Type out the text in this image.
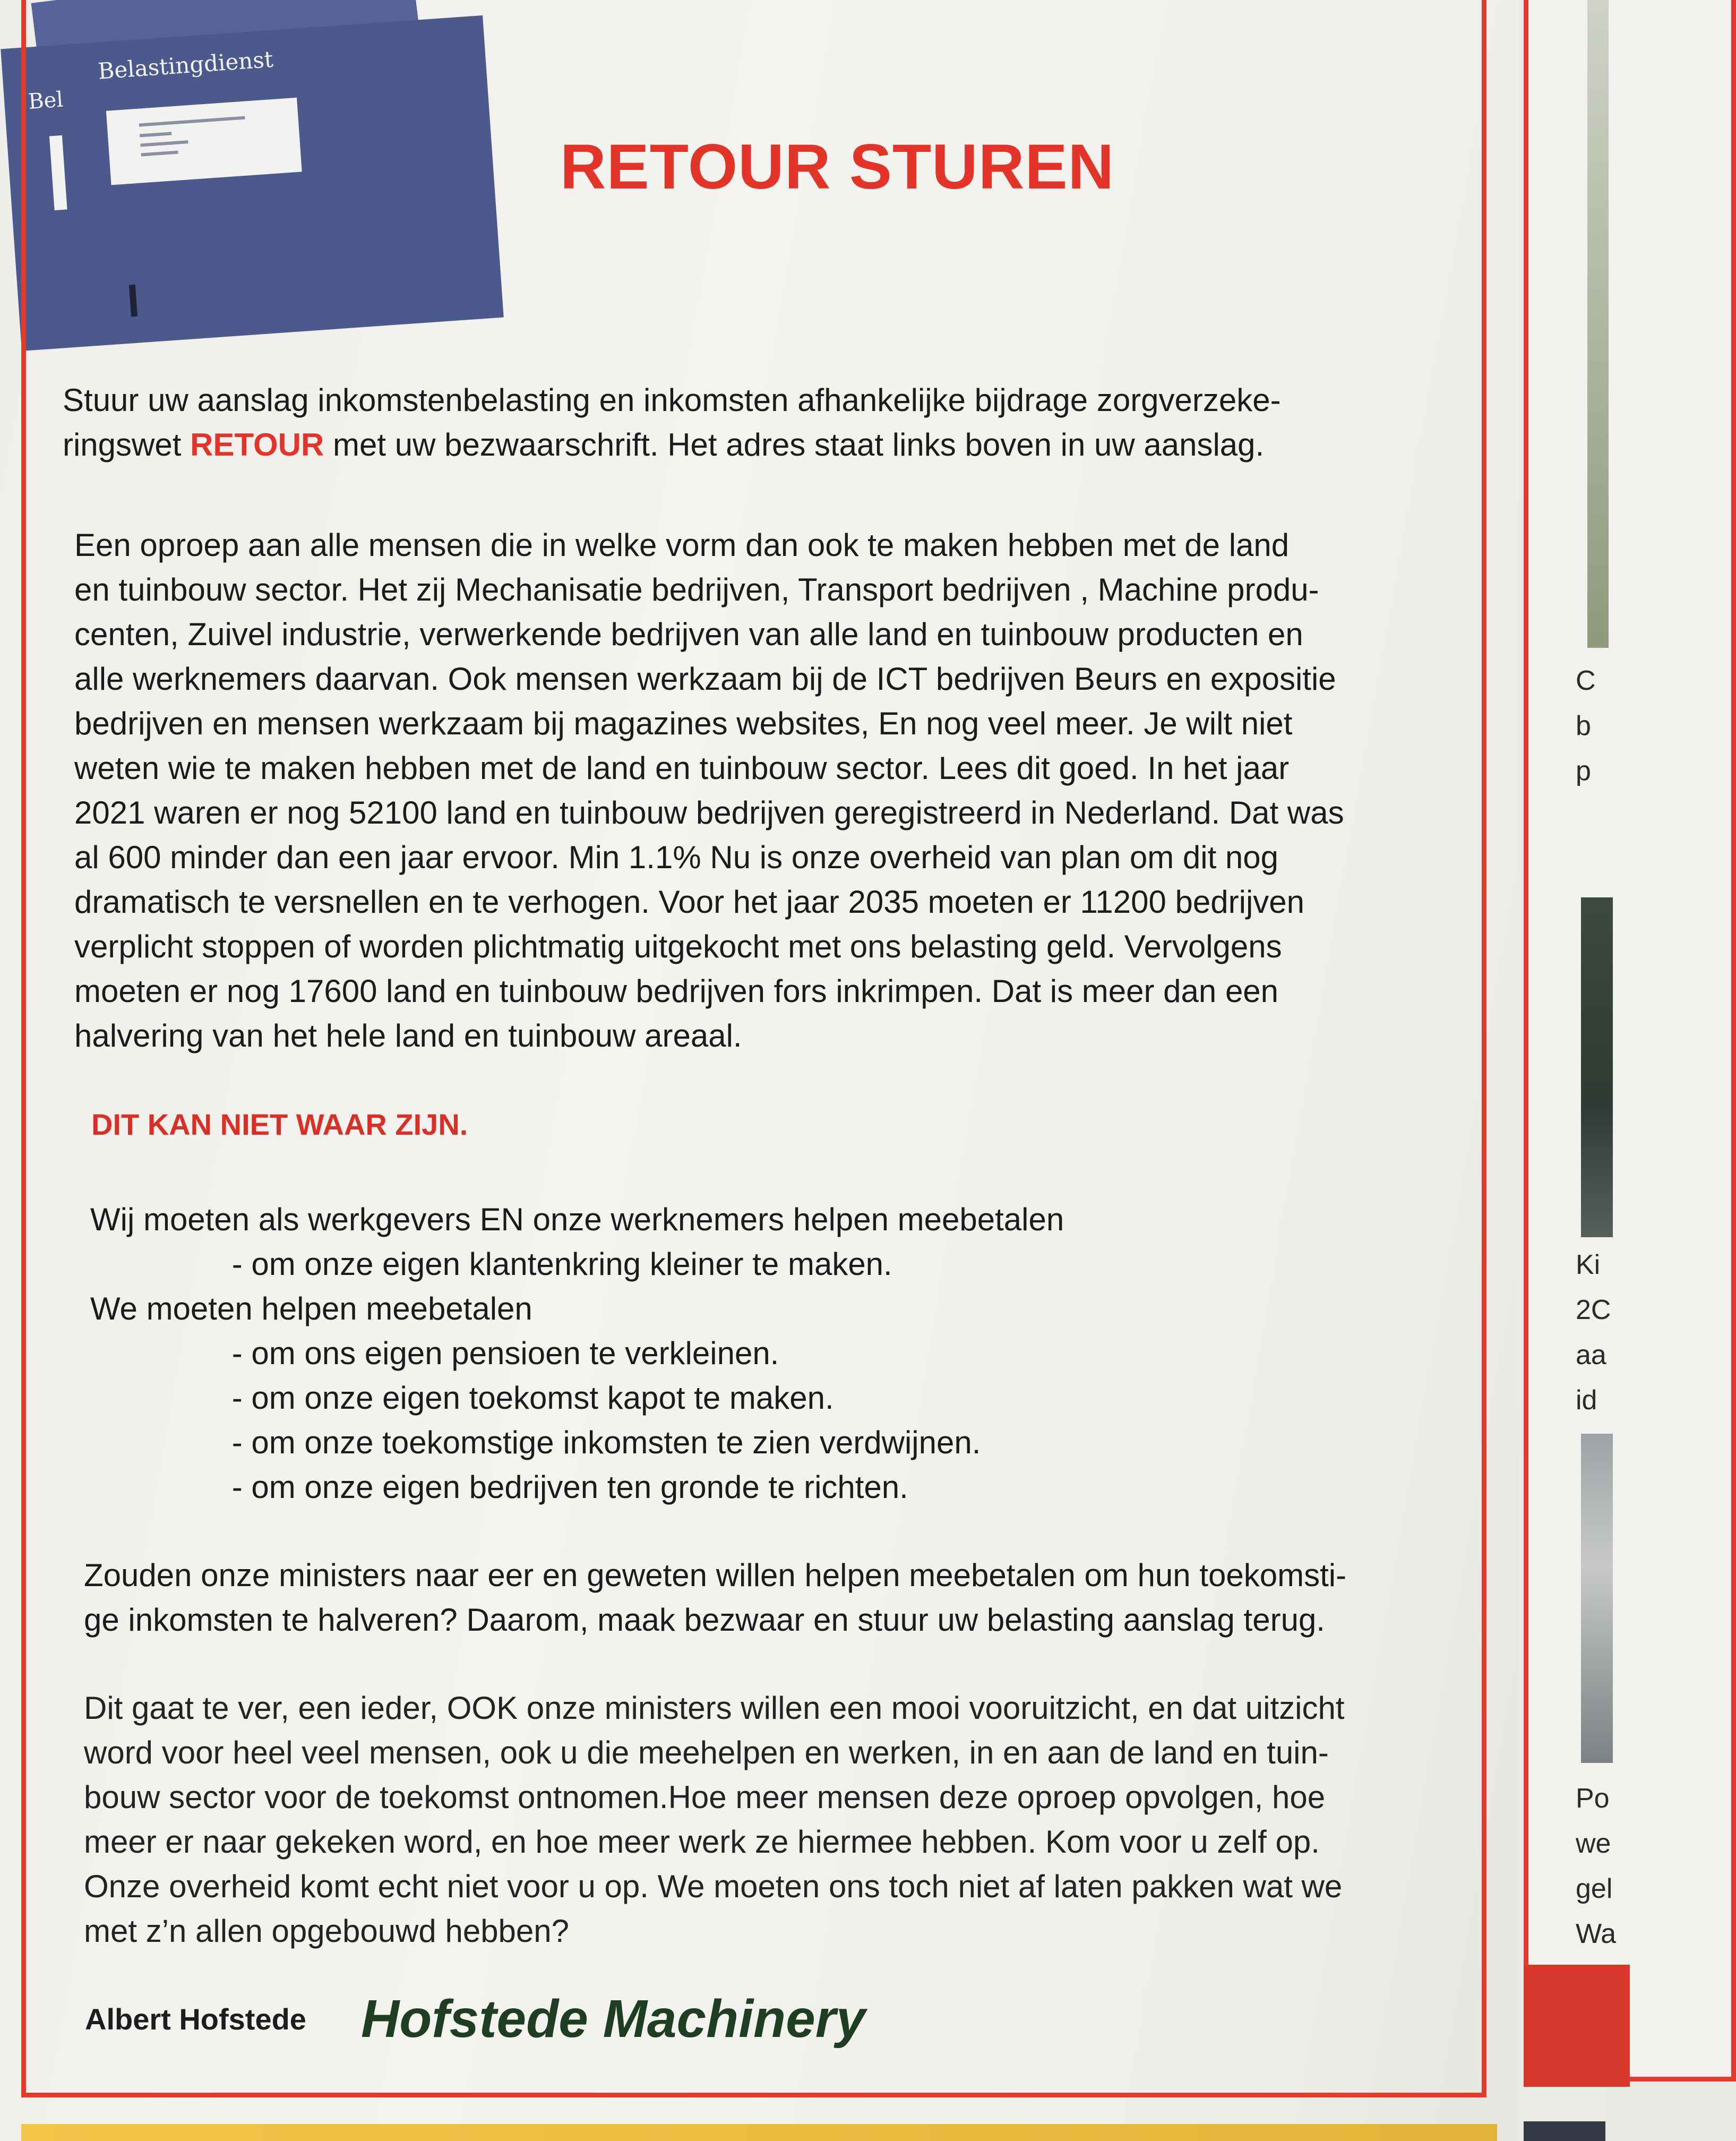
Bel
Belastingdienst
RETOUR STUREN
Stuur uw aanslag inkomstenbelasting en inkomsten afhankelijke bijdrage zorgverzeke-
ringswet RETOUR met uw bezwaarschrift. Het adres staat links boven in uw aanslag.
Een oproep aan alle mensen die in welke vorm dan ook te maken hebben met de land
en tuinbouw sector. Het zij Mechanisatie bedrijven, Transport bedrijven , Machine produ-
centen, Zuivel industrie, verwerkende bedrijven van alle land en tuinbouw producten en
alle werknemers daarvan. Ook mensen werkzaam bij de ICT bedrijven Beurs en expositie
bedrijven en mensen werkzaam bij magazines websites, En nog veel meer. Je wilt niet
weten wie te maken hebben met de land en tuinbouw sector. Lees dit goed. In het jaar
2021 waren er nog 52100 land en tuinbouw bedrijven geregistreerd in Nederland. Dat was
al 600 minder dan een jaar ervoor. Min 1.1% Nu is onze overheid van plan om dit nog
dramatisch te versnellen en te verhogen. Voor het jaar 2035 moeten er 11200 bedrijven
verplicht stoppen of worden plichtmatig uitgekocht met ons belasting geld. Vervolgens
moeten er nog 17600 land en tuinbouw bedrijven fors inkrimpen. Dat is meer dan een
halvering van het hele land en tuinbouw areaal.
DIT KAN NIET WAAR ZIJN.
Wij moeten als werkgevers EN onze werknemers helpen meebetalen
- om onze eigen klantenkring kleiner te maken.
We moeten helpen meebetalen
- om ons eigen pensioen te verkleinen.
- om onze eigen toekomst kapot te maken.
- om onze toekomstige inkomsten te zien verdwijnen.
- om onze eigen bedrijven ten gronde te richten.
Zouden onze ministers naar eer en geweten willen helpen meebetalen om hun toekomsti-
ge inkomsten te halveren? Daarom, maak bezwaar en stuur uw belasting aanslag terug.
Dit gaat te ver, een ieder, OOK onze ministers willen een mooi vooruitzicht, en dat uitzicht
word voor heel veel mensen, ook u die meehelpen en werken, in en aan de land en tuin-
bouw sector voor de toekomst ontnomen.Hoe meer mensen deze oproep opvolgen, hoe
meer er naar gekeken word, en hoe meer werk ze hiermee hebben. Kom voor u zelf op.
Onze overheid komt echt niet voor u op. We moeten ons toch niet af laten pakken wat we
met z’n allen opgebouwd hebben?
Albert Hofstede Hofstede Machinery
C
b
p
Ki
2C
aa
id
Po
we
gel
Wa
